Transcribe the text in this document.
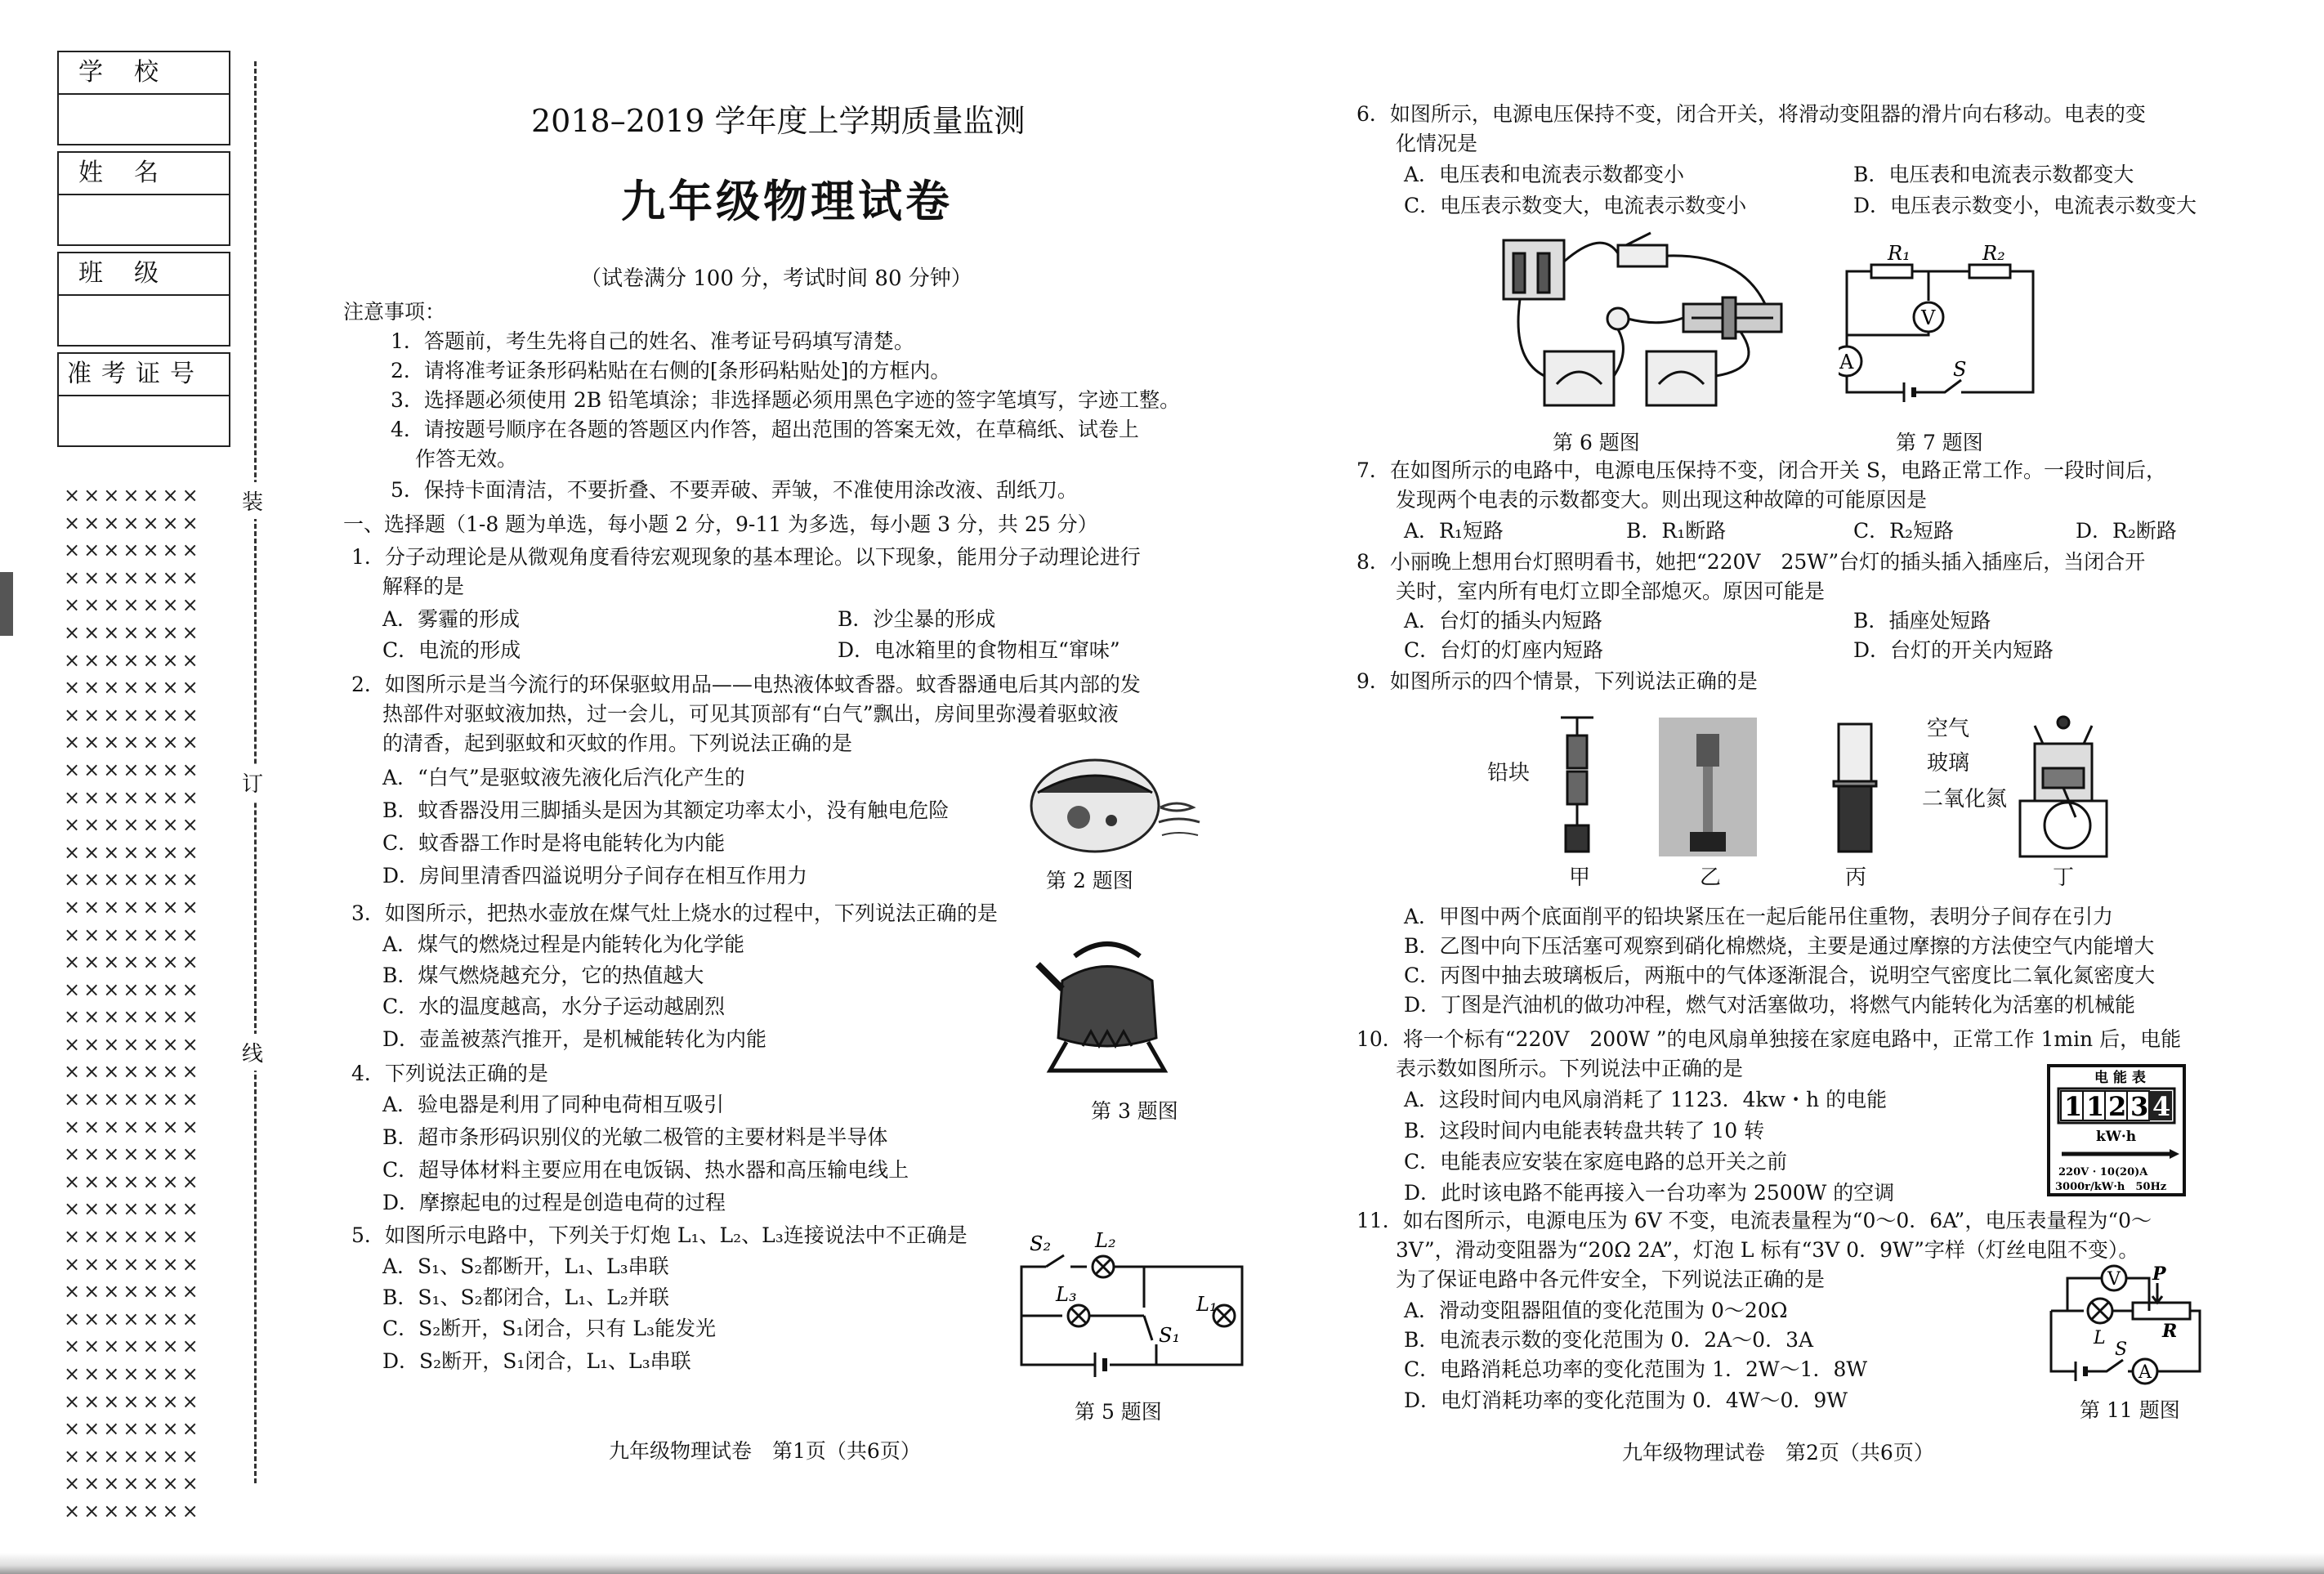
学校
姓名
班级
准考证号
×××××××
×××××××
×××××××
×××××××
×××××××
×××××××
×××××××
×××××××
×××××××
×××××××
×××××××
×××××××
×××××××
×××××××
×××××××
×××××××
×××××××
×××××××
×××××××
×××××××
×××××××
×××××××
×××××××
×××××××
×××××××
×××××××
×××××××
×××××××
×××××××
×××××××
×××××××
×××××××
×××××××
×××××××
×××××××
×××××××
×××××××
×××××××
装
订
线
2018–2019 学年度上学期质量监测
九年级物理试卷
（试卷满分 100 分，考试时间 80 分钟）
注意事项：
1．答题前，考生先将自己的姓名、准考证号码填写清楚。
2．请将准考证条形码粘贴在右侧的[条形码粘贴处]的方框内。
3．选择题必须使用 2B 铅笔填涂；非选择题必须用黑色字迹的签字笔填写，字迹工整。
4．请按题号顺序在各题的答题区内作答，超出范围的答案无效，在草稿纸、试卷上
作答无效。
5．保持卡面清洁，不要折叠、不要弄破、弄皱，不准使用涂改液、刮纸刀。
一、选择题（1-8 题为单选，每小题 2 分，9-11 为多选，每小题 3 分，共 25 分）
1．分子动理论是从微观角度看待宏观现象的基本理论。以下现象，能用分子动理论进行
解释的是
A．雾霾的形成	B．沙尘暴的形成
C．电流的形成	D．电冰箱里的食物相互“窜味”
2．如图所示是当今流行的环保驱蚊用品——电热液体蚊香器。蚊香器通电后其内部的发
热部件对驱蚊液加热，过一会儿，可见其顶部有“白气”飘出，房间里弥漫着驱蚊液
的清香，起到驱蚊和灭蚊的作用。下列说法正确的是
A．“白气”是驱蚊液先液化后汽化产生的
B．蚊香器没用三脚插头是因为其额定功率太小，没有触电危险
C．蚊香器工作时是将电能转化为内能
D．房间里清香四溢说明分子间存在相互作用力	第 2 题图
3．如图所示，把热水壶放在煤气灶上烧水的过程中，下列说法正确的是
A．煤气的燃烧过程是内能转化为化学能
B．煤气燃烧越充分，它的热值越大
C．水的温度越高，水分子运动越剧烈
D．壶盖被蒸汽推开，是机械能转化为内能
第 3 题图
4．下列说法正确的是
A．验电器是利用了同种电荷相互吸引
B．超市条形码识别仪的光敏二极管的主要材料是半导体
C．超导体材料主要应用在电饭锅、热水器和高压输电线上
D．摩擦起电的过程是创造电荷的过程
5．如图所示电路中，下列关于灯炮 L₁、L₂、L₃连接说法中不正确是
A．S₁、S₂都断开，L₁、L₃串联
B．S₁、S₂都闭合，L₁、L₂并联
C．S₂断开，S₁闭合，只有 L₃能发光
D．S₂断开，S₁闭合，L₁、L₃串联
S₂ L₂
L₃	L₁
S₁
第 5 题图
九年级物理试卷　第1页（共6页）
6．如图所示，电源电压保持不变，闭合开关，将滑动变阻器的滑片向右移动。电表的变
化情况是
A．电压表和电流表示数都变小	B．电压表和电流表示数都变大
C．电压表示数变大，电流表示数变小	D．电压表示数变小，电流表示数变大
R₁	R₂
V
A	S
第 6 题图	第 7 题图
7．在如图所示的电路中，电源电压保持不变，闭合开关 S，电路正常工作。一段时间后，
发现两个电表的示数都变大。则出现这种故障的可能原因是
A．R₁短路	B．R₁断路	C．R₂短路	D．R₂断路
8．小丽晚上想用台灯照明看书，她把“220V　25W”台灯的插头插入插座后，当闭合开
关时，室内所有电灯立即全部熄灭。原因可能是
A．台灯的插头内短路	B．插座处短路
C．台灯的灯座内短路	D．台灯的开关内短路
9．如图所示的四个情景，下列说法正确的是
铅块
空气
玻璃
二氧化氮
甲	乙	丙	丁
A．甲图中两个底面削平的铅块紧压在一起后能吊住重物，表明分子间存在引力
B．乙图中向下压活塞可观察到硝化棉燃烧，主要是通过摩擦的方法使空气内能增大
C．丙图中抽去玻璃板后，两瓶中的气体逐渐混合，说明空气密度比二氧化氮密度大
D．丁图是汽油机的做功冲程，燃气对活塞做功，将燃气内能转化为活塞的机械能
10．将一个标有“220V　200W ”的电风扇单独接在家庭电路中，正常工作 1min 后，电能
表示数如图所示。下列说法中正确的是
A．这段时间内电风扇消耗了 1123．4kw・h 的电能
B．这段时间内电能表转盘共转了 10 转
C．电能表应安装在家庭电路的总开关之前
D．此时该电路不能再接入一台功率为 2500W 的空调
电 能 表
1 1 2 3 4
kW·h
220V · 10(20)A
3000r/kW·h　50Hz
11．如右图所示，电源电压为 6V 不变，电流表量程为“0～0．6A”，电压表量程为“0～
3V”，滑动变阻器为“20Ω 2A”，灯泡 L 标有“3V 0．9W”字样（灯丝电阻不变）。
为了保证电路中各元件安全，下列说法正确的是
A．滑动变阻器阻值的变化范围为 0～20Ω
B．电流表示数的变化范围为 0．2A～0．3A
C．电路消耗总功率的变化范围为 1．2W～1．8W
D．电灯消耗功率的变化范围为 0．4W～0．9W
V P
R
L
S
A
第 11 题图
九年级物理试卷　第2页（共6页）
